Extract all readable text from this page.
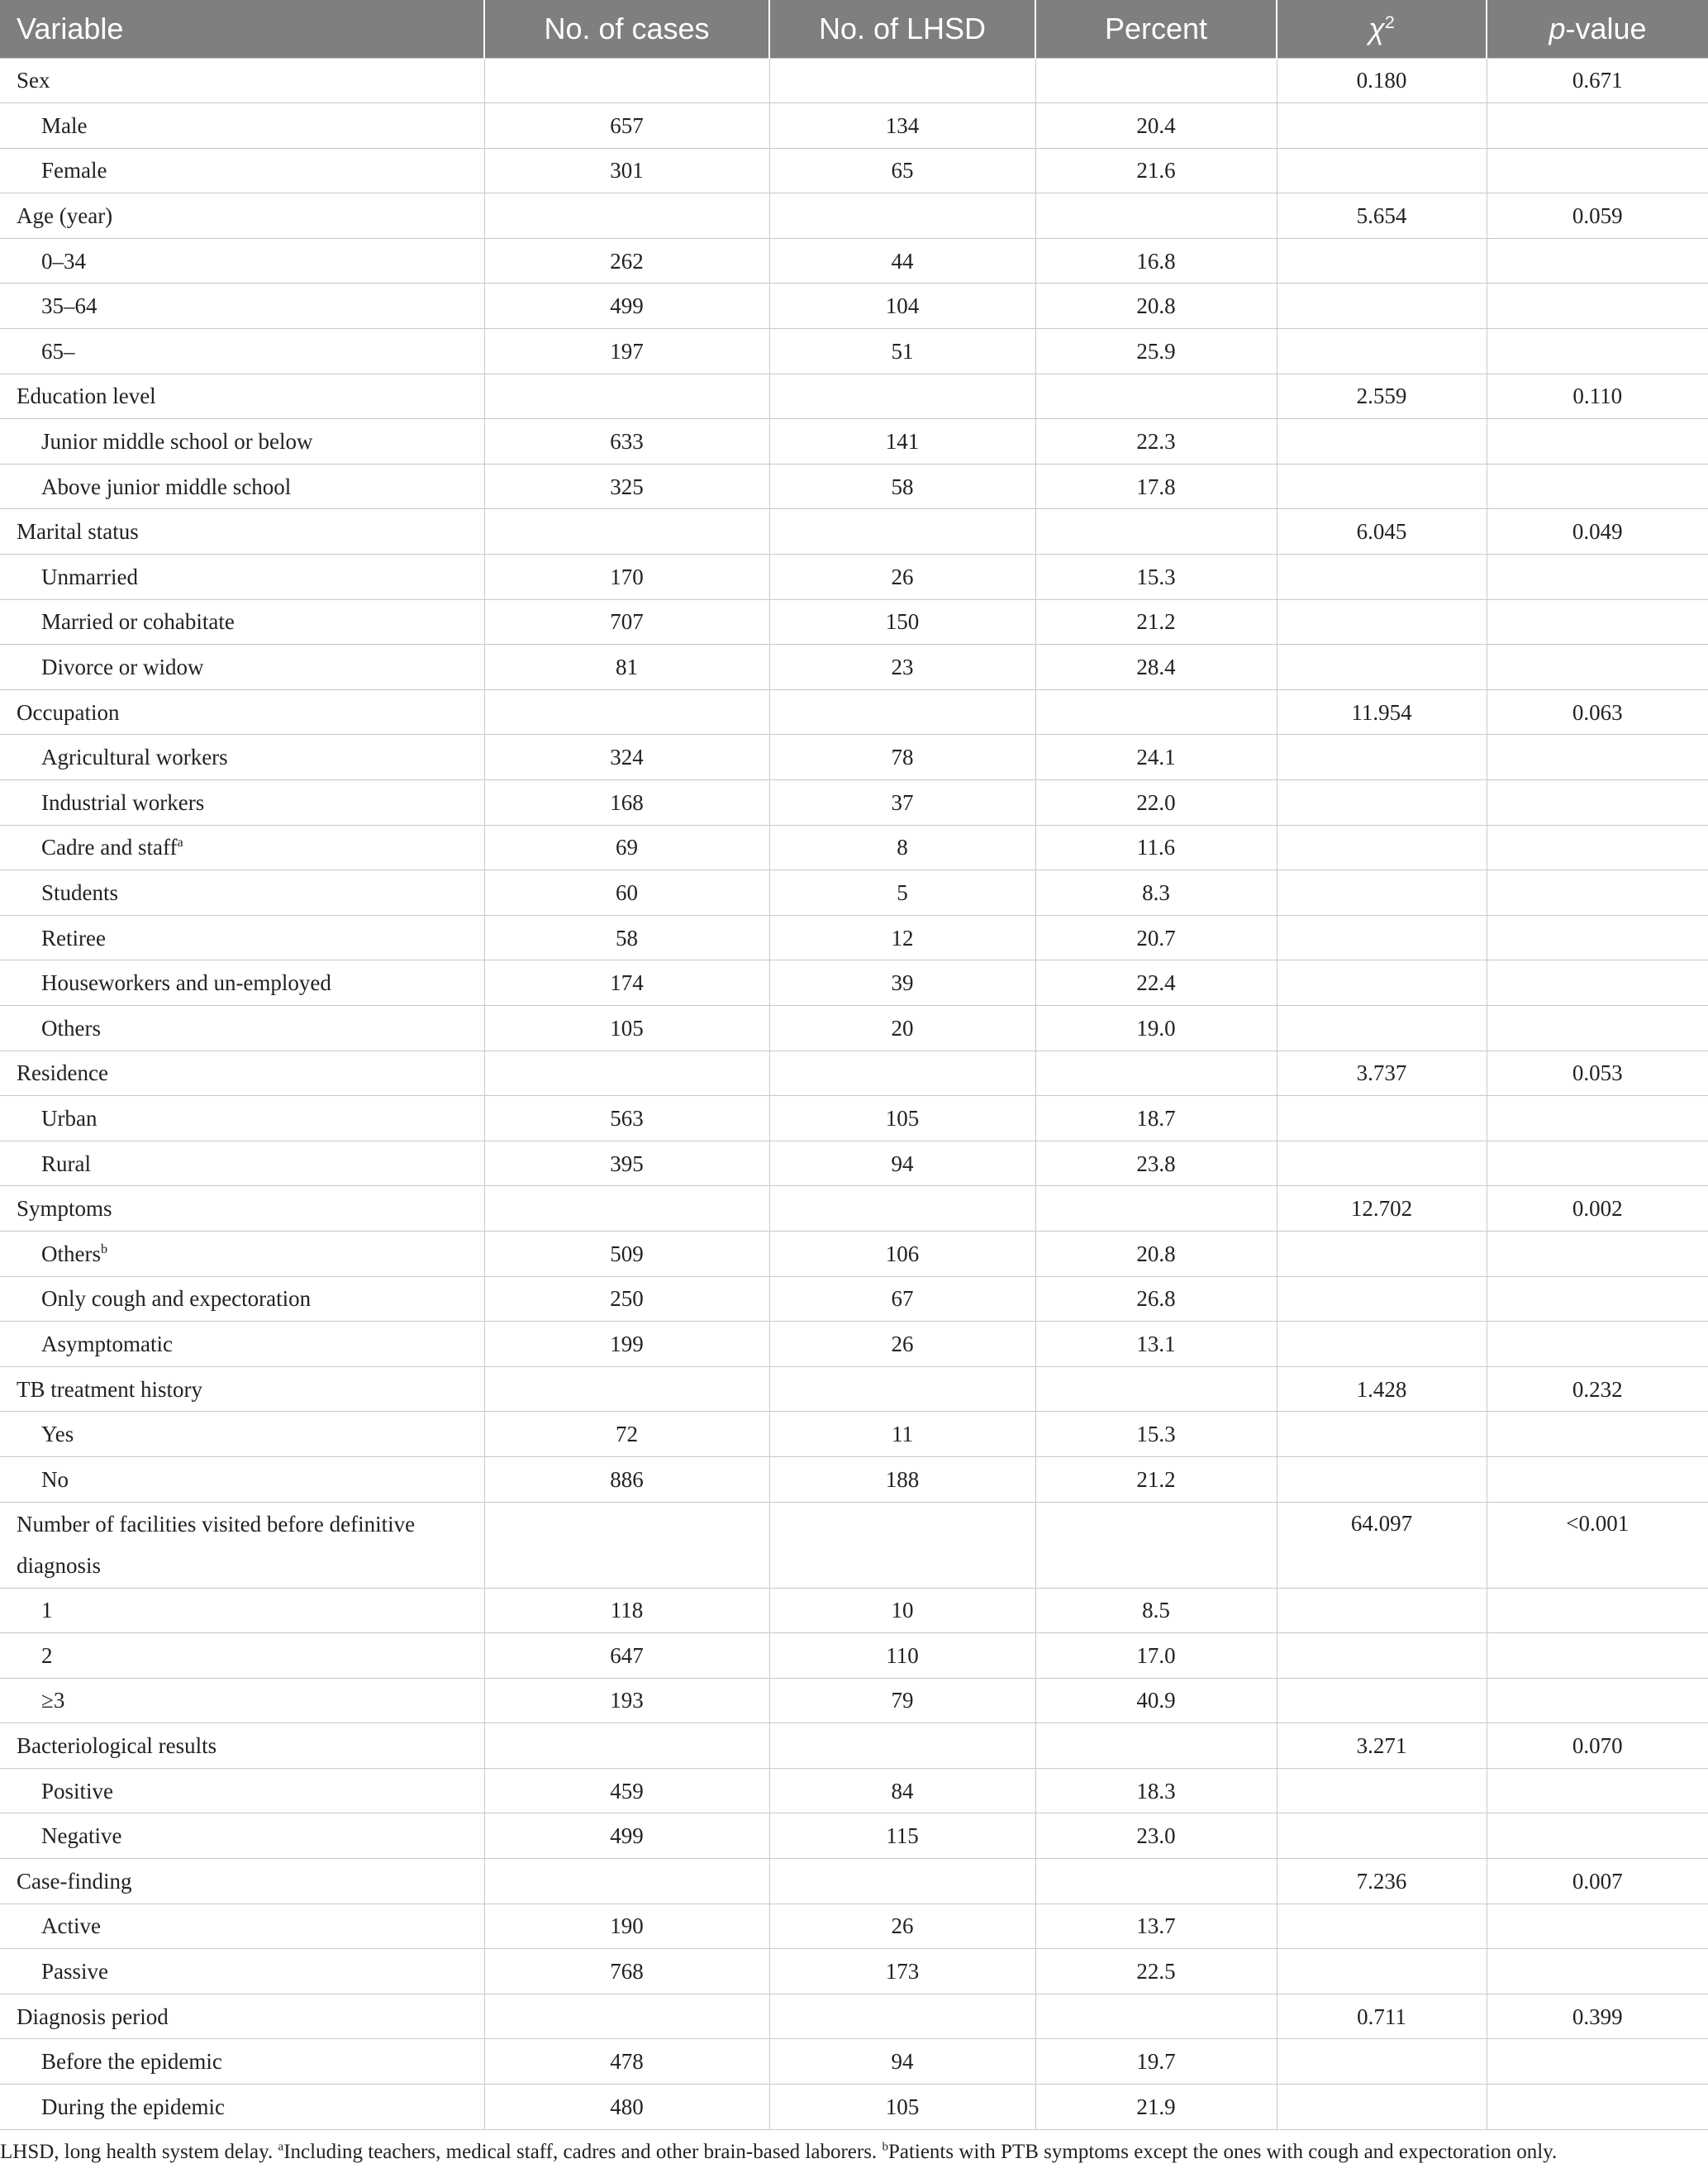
Variable	No. of cases	No. of LHSD	Percent	$\chi^2$	p-value
Sex				0.180	0.671
Male	657	134	20.4		
Female	301	65	21.6		
Age (year)				5.654	0.059
0–34	262	44	16.8		
35–64	499	104	20.8		
65–	197	51	25.9		
Education level				2.559	0.110
Junior middle school or below	633	141	22.3		
Above junior middle school	325	58	17.8		
Marital status				6.045	0.049
Unmarried	170	26	15.3		
Married or cohabitate	707	150	21.2		
Divorce or widow	81	23	28.4		
Occupation				11.954	0.063
Agricultural workers	324	78	24.1		
Industrial workers	168	37	22.0		
Cadre and staff$^a$	69	8	11.6		
Students	60	5	8.3		
Retiree	58	12	20.7		
Houseworkers and un-employed	174	39	22.4		
Others	105	20	19.0		
Residence				3.737	0.053
Urban	563	105	18.7		
Rural	395	94	23.8		
Symptoms				12.702	0.002
Others$^b$	509	106	20.8		
Only cough and expectoration	250	67	26.8		
Asymptomatic	199	26	13.1		
TB treatment history				1.428	0.232
Yes	72	11	15.3		
No	886	188	21.2		
Number of facilities visited before definitive diagnosis				64.097	<0.001
1	118	10	8.5		
2	647	110	17.0		
≥3	193	79	40.9		
Bacteriological results				3.271	0.070
Positive	459	84	18.3		
Negative	499	115	23.0		
Case-finding				7.236	0.007
Active	190	26	13.7		
Passive	768	173	22.5		
Diagnosis period				0.711	0.399
Before the epidemic	478	94	19.7		
During the epidemic	480	105	21.9		
LHSD, long health system delay. $^a$Including teachers, medical staff, cadres and other brain-based laborers. $^b$Patients with PTB symptoms except the ones with cough and expectoration only.
